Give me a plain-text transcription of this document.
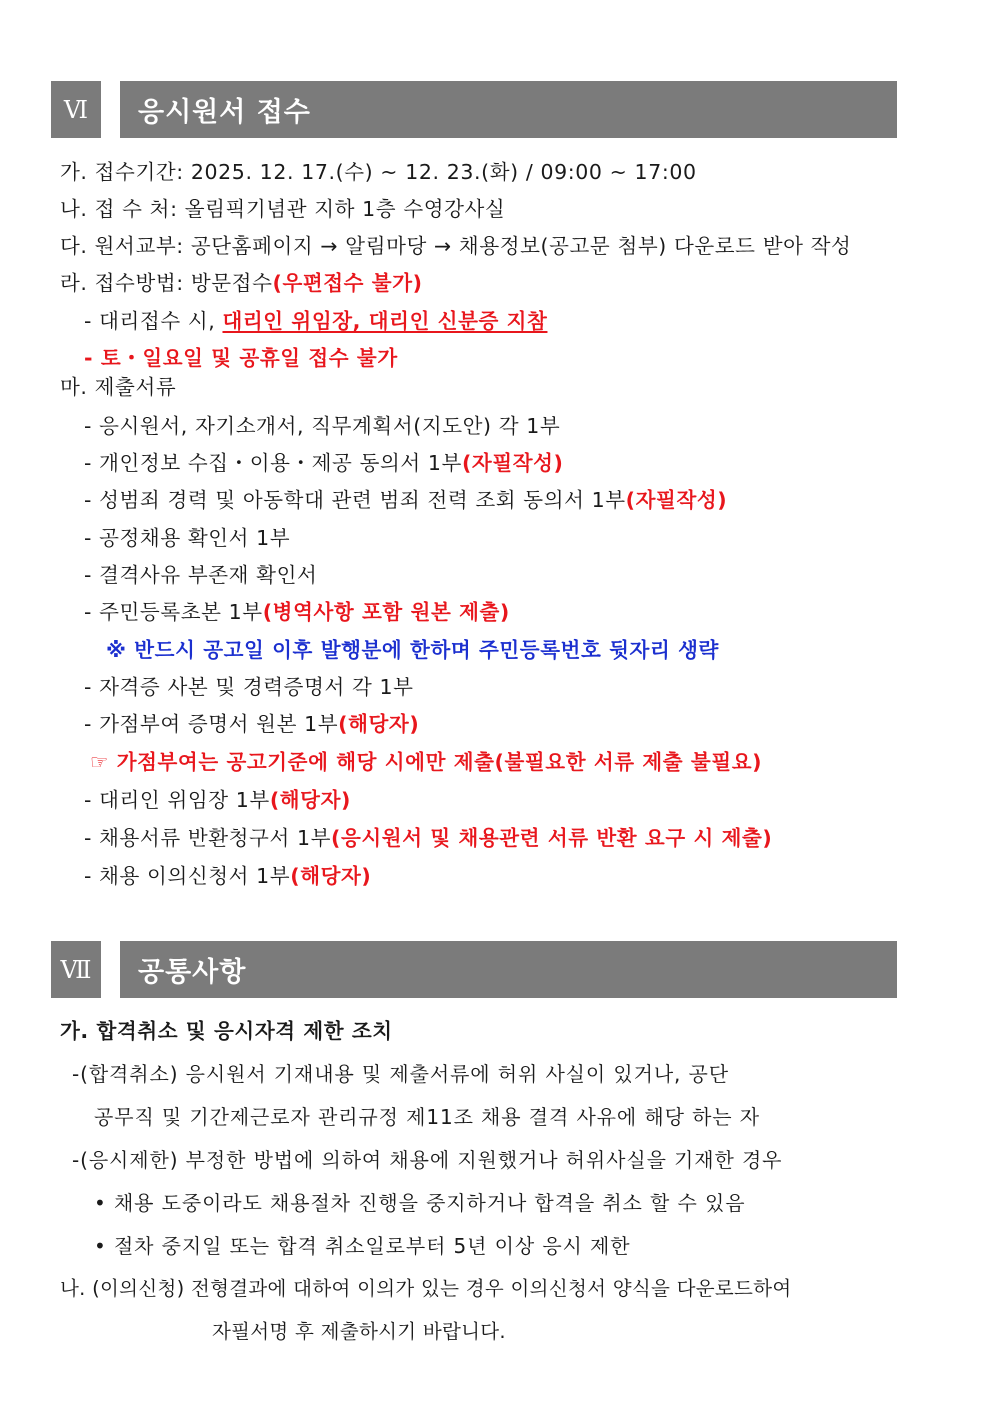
Ⅵ	응시원서 접수
가. 접수기간: 2025. 12. 17.(수) ~ 12. 23.(화) / 09:00 ~ 17:00
나. 접 수 처: 올림픽기념관 지하 1층 수영강사실
다. 원서교부: 공단홈페이지 → 알림마당 → 채용정보(공고문 첨부) 다운로드 받아 작성
라. 접수방법: 방문접수(우편접수 불가)
- 대리접수 시, 대리인 위임장, 대리인 신분증 지참
- 토・일요일 및 공휴일 접수 불가
마. 제출서류
- 응시원서, 자기소개서, 직무계획서(지도안) 각 1부
- 개인정보 수집・이용・제공 동의서 1부(자필작성)
- 성범죄 경력 및 아동학대 관련 범죄 전력 조회 동의서 1부(자필작성)
- 공정채용 확인서 1부
- 결격사유 부존재 확인서
- 주민등록초본 1부(병역사항 포함 원본 제출)
※ 반드시 공고일 이후 발행분에 한하며 주민등록번호 뒷자리 생략
- 자격증 사본 및 경력증명서 각 1부
- 가점부여 증명서 원본 1부(해당자)
☞ 가점부여는 공고기준에 해당 시에만 제출(불필요한 서류 제출 불필요)
- 대리인 위임장 1부(해당자)
- 채용서류 반환청구서 1부(응시원서 및 채용관련 서류 반환 요구 시 제출)
- 채용 이의신청서 1부(해당자)
Ⅶ	공통사항
가. 합격취소 및 응시자격 제한 조치
-(합격취소) 응시원서 기재내용 및 제출서류에 허위 사실이 있거나, 공단
공무직 및 기간제근로자 관리규정 제11조 채용 결격 사유에 해당 하는 자
-(응시제한) 부정한 방법에 의하여 채용에 지원했거나 허위사실을 기재한 경우
• 채용 도중이라도 채용절차 진행을 중지하거나 합격을 취소 할 수 있음
• 절차 중지일 또는 합격 취소일로부터 5년 이상 응시 제한
나. (이의신청) 전형결과에 대하여 이의가 있는 경우 이의신청서 양식을 다운로드하여
자필서명 후 제출하시기 바랍니다.
